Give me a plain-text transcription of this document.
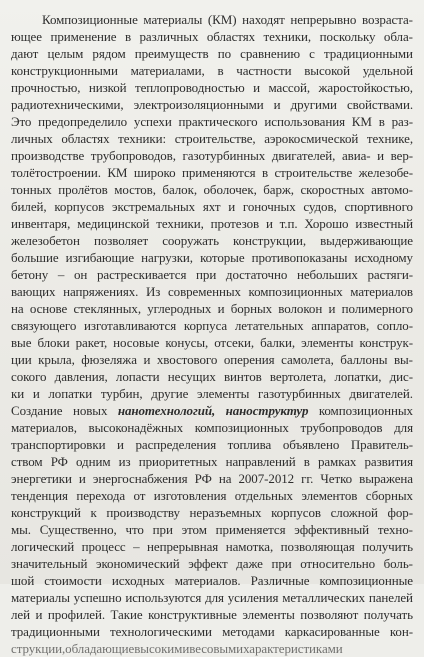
Композиционные материалы (КМ) находят непрерывно возраста-
ющее применение в различных областях техники, поскольку обла-
дают целым рядом преимуществ по сравнению с традиционными
конструкционными материалами, в частности высокой удельной
прочностью, низкой теплопроводностью и массой, жаростойкостью,
радиотехническими, электроизоляционными и другими свойствами.
Это предопределило успехи практического использования КМ в раз-
личных областях техники: строительстве, аэрокосмической технике,
производстве трубопроводов, газотурбинных двигателей, авиа- и вер-
толётостроении. КМ широко применяются в строительстве железобе-
тонных пролётов мостов, балок, оболочек, барж, скоростных автомо-
билей, корпусов экстремальных яхт и гоночных судов, спортивного
инвентаря, медицинской техники, протезов и т.п. Хорошо известный
железобетон позволяет сооружать конструкции, выдерживающие
большие изгибающие нагрузки, которые противопоказаны исходному
бетону – он растрескивается при достаточно небольших растяги-
вающих напряжениях. Из современных композиционных материалов
на основе стеклянных, углеродных и борных волокон и полимерного
связующего изготавливаются корпуса летательных аппаратов, сопло-
вые блоки ракет, носовые конусы, отсеки, балки, элементы конструк-
ции крыла, фюзеляжа и хвостового оперения самолета, баллоны вы-
сокого давления, лопасти несущих винтов вертолета, лопатки, дис-
ки и лопатки турбин, другие элементы газотурбинных двигателей.
Создание новых нанотехнологий, наноструктур композиционных
материалов, высоконадёжных композиционных трубопроводов для
транспортировки и распределения топлива объявлено Правитель-
ством РФ одним из приоритетных направлений в рамках развития
энергетики и энергоснабжения РФ на 2007-2012 гг. Четко выражена
тенденция перехода от изготовления отдельных элементов сборных
конструкций к производству неразъемных корпусов сложной фор-
мы. Существенно, что при этом применяется эффективный техно-
логический процесс – непрерывная намотка, позволяющая получить
значительный экономический эффект даже при относительно боль-
шой стоимости исходных материалов. Различные композиционные
материалы успешно используются для усиления металлических панелей
лей и профилей. Такие конструктивные элементы позволяют получать
традиционными технологическими методами каркасированные кон-
струкции, обладающие высокими весовыми характеристиками
